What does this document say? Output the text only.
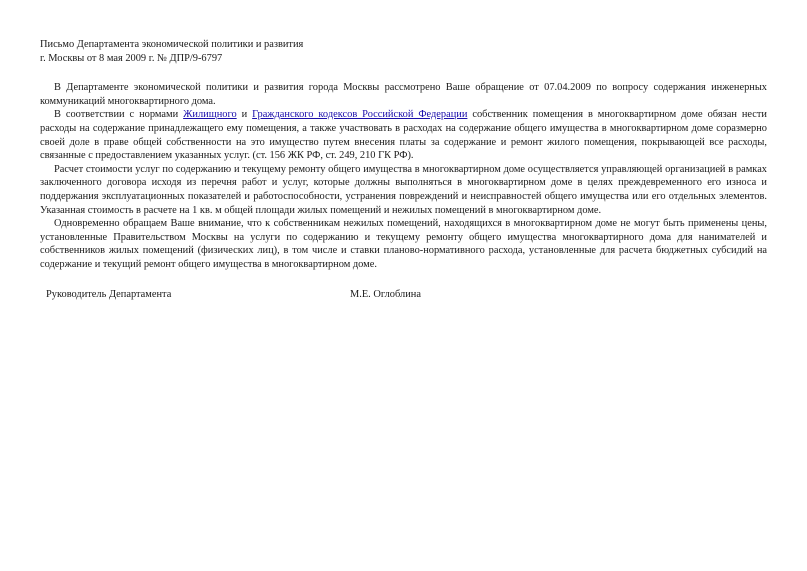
Письмо Департамента экономической политики и развития

г. Москвы от 8 мая 2009 г. № ДПР/9-6797

В Департаменте экономической политики и развития города Москвы рассмотрено Ваше обращение от 07.04.2009 по вопросу содержания инженерных коммуникаций многоквартирного дома.

В соответствии с нормами Жилищного и Гражданского кодексов Российской Федерации собственник помещения в многоквартирном доме обязан нести расходы на содержание принадлежащего ему помещения, а также участвовать в расходах на содержание общего имущества в многоквартирном доме соразмерно своей доле в праве общей собственности на это имущество путем внесения платы за содержание и ремонт жилого помещения, покрывающей все расходы, связанные с предоставлением указанных услуг. (ст. 156 ЖК РФ, ст. 249, 210 ГК РФ).

Расчет стоимости услуг по содержанию и текущему ремонту общего имущества в многоквартирном доме осуществляется управляющей организацией в рамках заключенного договора исходя из перечня работ и услуг, которые должны выполняться в многоквартирном доме в целях преждевременного его износа и поддержания эксплуатационных показателей и работоспособности, устранения повреждений и неисправностей общего имущества или его отдельных элементов. Указанная стоимость в расчете на 1 кв. м общей площади жилых помещений и нежилых помещений в многоквартирном доме.

Одновременно обращаем Ваше внимание, что к собственникам нежилых помещений, находящихся в многоквартирном доме не могут быть применены цены, установленные Правительством Москвы на услуги по содержанию и текущему ремонту общего имущества многоквартирного дома для нанимателей и собственников жилых помещений (физических лиц), в том числе и ставки планово-нормативного расхода, установленные для расчета бюджетных субсидий на содержание и текущий ремонт общего имущества в многоквартирном доме.

Руководитель Департамента	М.Е. Оглоблина
